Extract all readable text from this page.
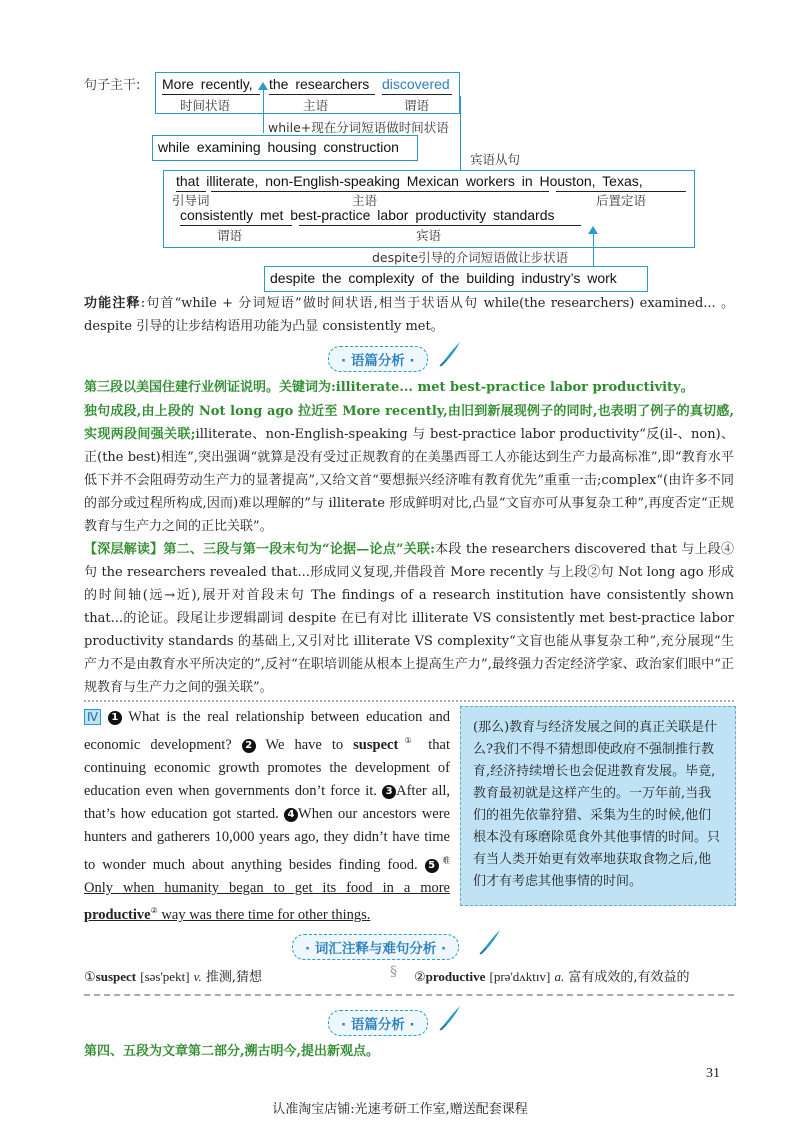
句子主干: More recently, the researchers discovered
时间状语	主语	谓语
while+现在分词短语做时间状语
while examining housing construction
宾语从句
that illiterate, non-English-speaking Mexican workers in Houston, Texas,
引导词	主语	后置定语
consistently met best-practice labor productivity standards
谓语	宾语
despite引导的介词短语做让步状语
despite the complexity of the building industry’s work
功能注释:句首“while + 分词短语”做时间状语,相当于状语从句 while(the researchers) examined... 。despite 引导的让步结构语用功能为凸显 consistently met。
· 语篇分析 ·
第三段以美国住建行业例证说明。关键词为:illiterate... met best-practice labor productivity。
独句成段,由上段的 Not long ago 拉近至 More recently,由旧到新展现例子的同时,也表明了例子的真切感,实现两段间强关联;illiterate、non-English-speaking 与 best-practice labor productivity“反(il-、non)、正(the best)相连”,突出强调“就算是没有受过正规教育的在美墨西哥工人亦能达到生产力最高标准”,即“教育水平低下并不会阻碍劳动生产力的显著提高”,又给文首“要想振兴经济唯有教育优先”重重一击;complex“(由许多不同的部分或过程所构成,因而)难以理解的”与 illiterate 形成鲜明对比,凸显“文盲亦可从事复杂工种”,再度否定“正规教育与生产力之间的正比关联”。
【深层解读】第二、三段与第一段末句为“论据—论点”关联:本段 the researchers discovered that 与上段④句 the researchers revealed that...形成同义复现,并借段首 More recently 与上段②句 Not long ago 形成的时间轴(远→近),展开对首段末句 The findings of a research institution have consistently shown that...的论证。段尾让步逻辑副词 despite 在已有对比 illiterate VS consistently met best-practice labor productivity standards 的基础上,又引对比 illiterate VS complexity“文盲也能从事复杂工种”,充分展现“生产力不是由教育水平所决定的”,反衬“在职培训能从根本上提高生产力”,最终强力否定经济学家、政治家们眼中“正规教育与生产力之间的强关联”。
Ⅳ 1 What is the real relationship between education and economic development? 2 We have to suspect① that continuing economic growth promotes the development of education even when governments don’t force it. 3 After all, that’s how education got started. 4 When our ancestors were hunters and gatherers 10,000 years ago, they didn’t have time to wonder much about anything besides finding food. 5 $^难$ Only when humanity began to get its food in a more productive② way was there time for other things.
(那么)教育与经济发展之间的真正关联是什么?我们不得不猜想即使政府不强制推行教育,经济持续增长也会促进教育发展。毕竟,教育最初就是这样产生的。一万年前,当我们的祖先依靠狩猎、采集为生的时候,他们根本没有琢磨除觅食外其他事情的时间。只有当人类开始更有效率地获取食物之后,他们才有考虑其他事情的时间。
· 词汇注释与难句分析 ·
①suspect [səs'pekt] v. 推测,猜想	§ ②productive [prə'dʌktɪv] a. 富有成效的,有效益的
· 语篇分析 ·
第四、五段为文章第二部分,溯古明今,提出新观点。
31
认准淘宝店铺:光速考研工作室,赠送配套课程
